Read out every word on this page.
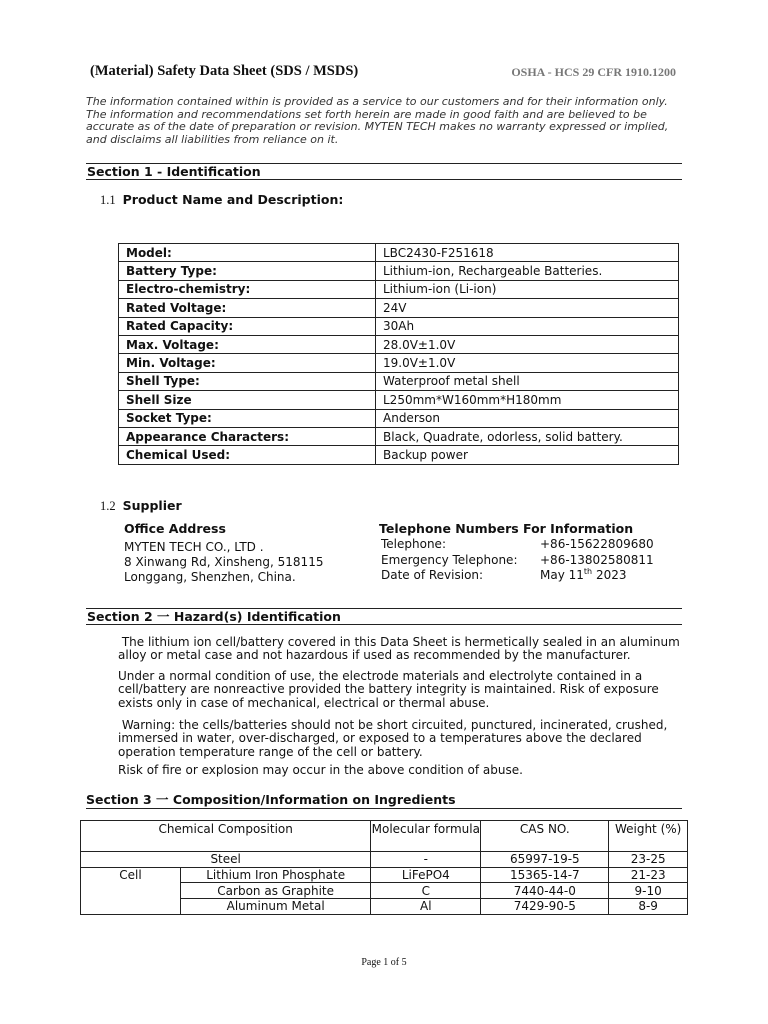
(Material) Safety Data Sheet (SDS / MSDS)	OSHA - HCS 29 CFR 1910.1200
The information contained within is provided as a service to our customers and for their information only. The information and recommendations set forth herein are made in good faith and are believed to be accurate as of the date of preparation or revision. MYTEN TECH makes no warranty expressed or implied, and disclaims all liabilities from reliance on it.
Section 1 - Identification
1.1 Product Name and Description:
Model:	LBC2430-F251618
Battery Type:	Lithium-ion, Rechargeable Batteries.
Electro-chemistry:	Lithium-ion (Li-ion)
Rated Voltage:	24V
Rated Capacity:	30Ah
Max. Voltage:	28.0V±1.0V
Min. Voltage:	19.0V±1.0V
Shell Type:	Waterproof metal shell
Shell Size	L250mm*W160mm*H180mm
Socket Type:	Anderson
Appearance Characters:	Black, Quadrate, odorless, solid battery.
Chemical Used:	Backup power
1.2 Supplier
Office Address
MYTEN TECH CO., LTD .
8 Xinwang Rd, Xinsheng, 518115
Longgang, Shenzhen, China.
Telephone Numbers For Information
Telephone:	+86-15622809680
Emergency Telephone: +86-13802580811
Date of Revision:	May 11th 2023
Section 2 一 Hazard(s) Identification
The lithium ion cell/battery covered in this Data Sheet is hermetically sealed in an aluminum alloy or metal case and not hazardous if used as recommended by the manufacturer.
Under a normal condition of use, the electrode materials and electrolyte contained in a cell/battery are nonreactive provided the battery integrity is maintained. Risk of exposure exists only in case of mechanical, electrical or thermal abuse.
Warning: the cells/batteries should not be short circuited, punctured, incinerated, crushed, immersed in water, over-discharged, or exposed to a temperatures above the declared operation temperature range of the cell or battery.
Risk of fire or explosion may occur in the above condition of abuse.
Section 3 一 Composition/Information on Ingredients
Chemical Composition		Molecular formula	CAS NO.	Weight (%)
Steel		-	65997-19-5	23-25
Cell	Lithium Iron Phosphate	LiFePO4	15365-14-7	21-23
	Carbon as Graphite	C	7440-44-0	9-10
	Aluminum Metal	Al	7429-90-5	8-9
Page 1 of 5
